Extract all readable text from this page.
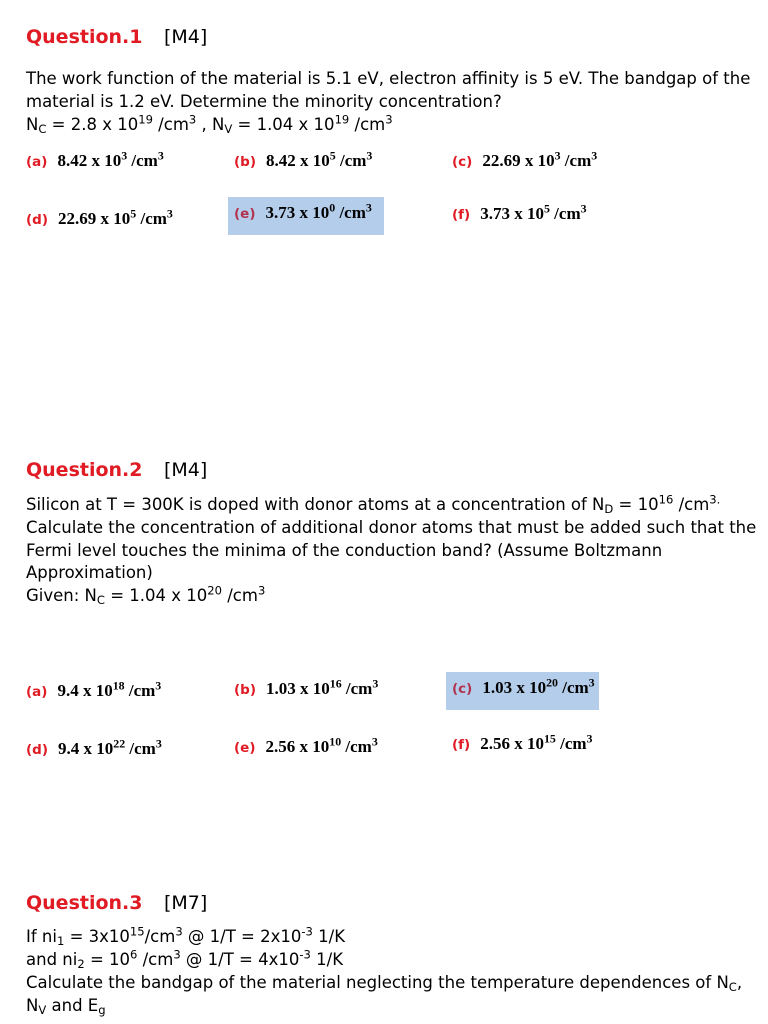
Question.1 [M4]
The work function of the material is 5.1 eV, electron affinity is 5 eV. The bandgap of the
material is 1.2 eV. Determine the minority concentration?
$N_C = 2.8$ x $10^{19}$ $/cm^3$ , $N_V = 1.04$ x $10^{19}$ $/cm^3$
(a) 8.42 x $10^3$ $/cm^3$	(b) 8.42 x $10^5$ $/cm^3$	(c) 22.69 x $10^3$ $/cm^3$
(d) 22.69 x $10^5$ $/cm^3$	(e) 3.73 x $10^0$ $/cm^3$	(f) 3.73 x $10^5$ $/cm^3$
Question.2 [M4]
Silicon at T = 300K is doped with donor atoms at a concentration of $N_D = 10^{16}$ $/cm^{3.}$
Calculate the concentration of additional donor atoms that must be added such that the
Fermi level touches the minima of the conduction band? (Assume Boltzmann
Approximation)
Given: $N_C = 1.04$ x $10^{20}$ $/cm^3$
(a) 9.4 x $10^{18}$ $/cm^3$	(b) 1.03 x $10^{16}$ $/cm^3$	(c) 1.03 x $10^{20}$ $/cm^3$
(d) 9.4 x $10^{22}$ $/cm^3$	(e) 2.56 x $10^{10}$ $/cm^3$	(f) 2.56 x $10^{15}$ $/cm^3$
Question.3 [M7]
If $ni_1 = 3x10^{15}/cm^3$ @ $1/T = 2x10^{-3}$ 1/K
and $ni_2 = 10^6$ $/cm^3$ @ $1/T = 4x10^{-3}$ 1/K
Calculate the bandgap of the material neglecting the temperature dependences of $N_C$,
$N_V$ and $E_g$
